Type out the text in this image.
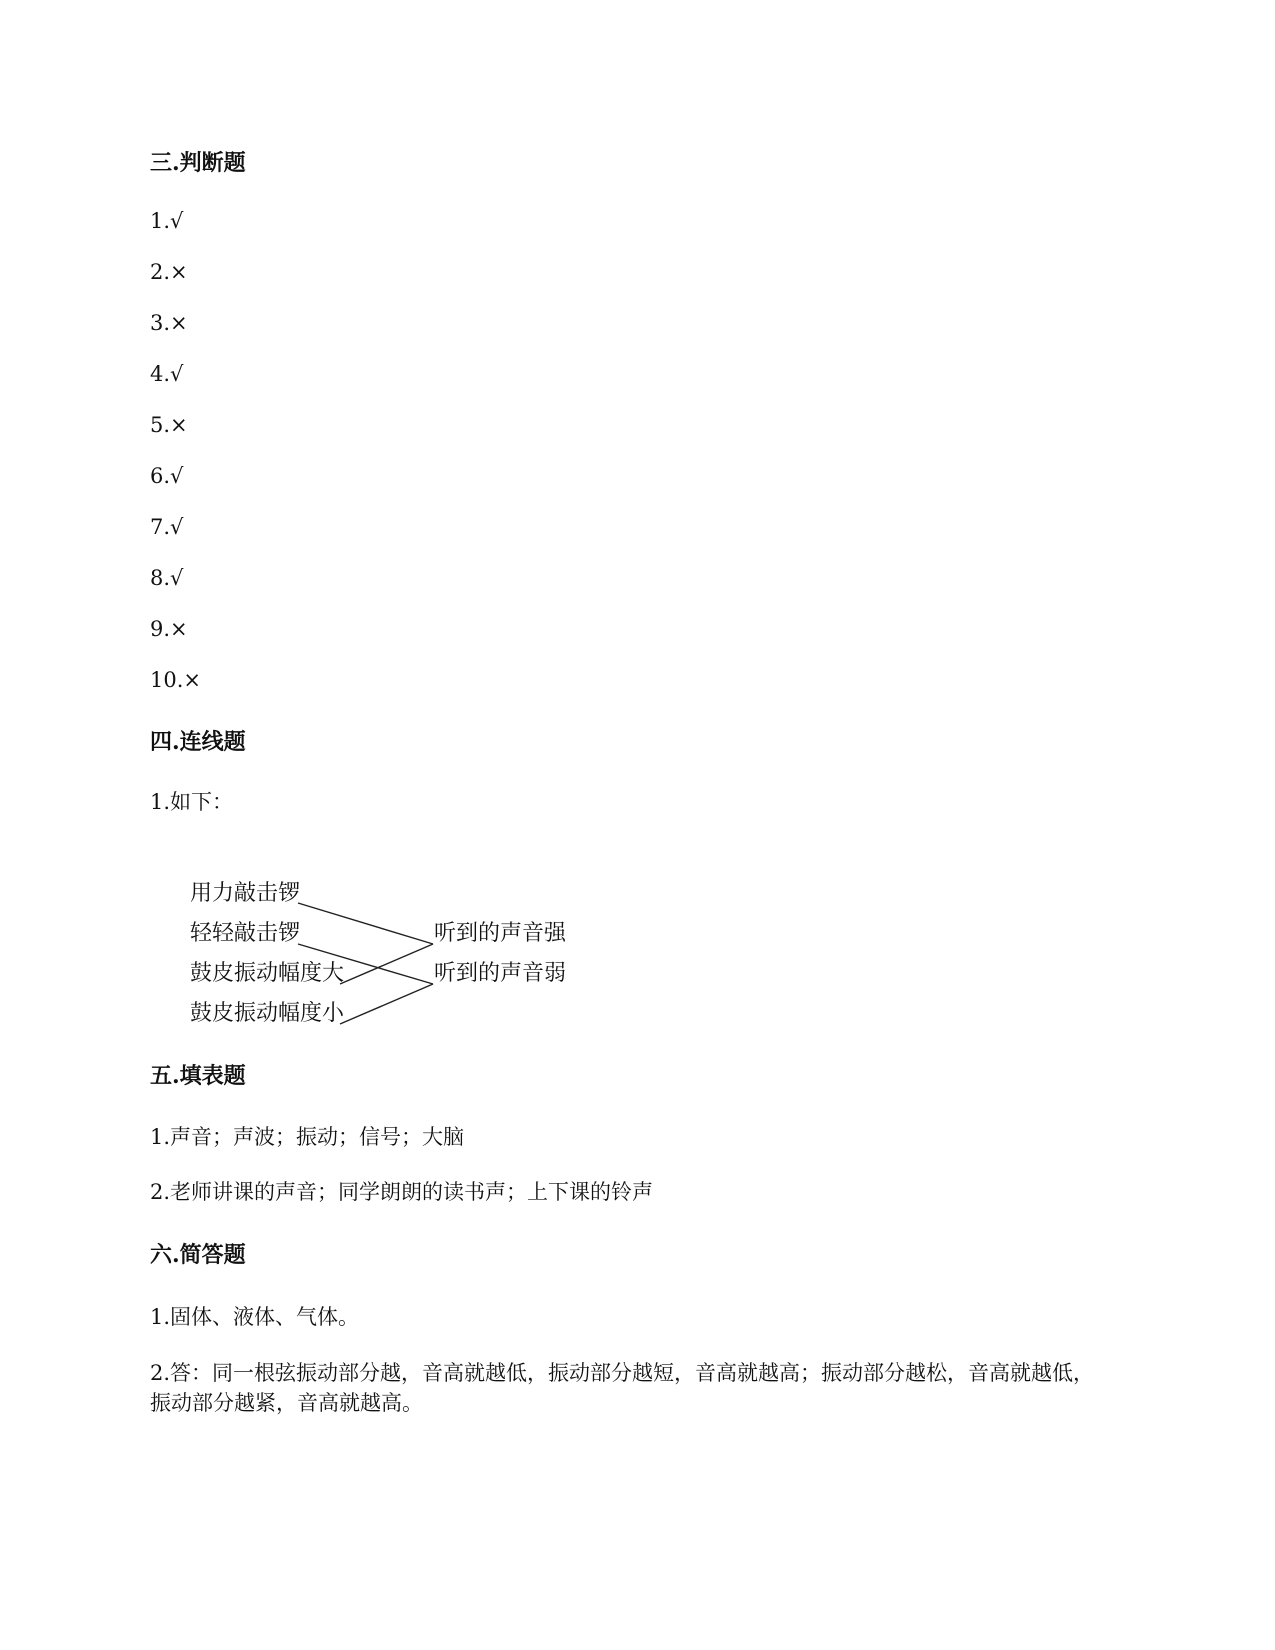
三.判断题
1.√
2.×
3.×
4.√
5.×
6.√
7.√
8.√
9.×
10.×
四.连线题
1.如下：
用力敲击锣
轻轻敲击锣
鼓皮振动幅度大
鼓皮振动幅度小
听到的声音强
听到的声音弱
五.填表题
1.声音；声波；振动；信号；大脑
2.老师讲课的声音；同学朗朗的读书声；上下课的铃声
六.简答题
1.固体、液体、气体。
2.答：同一根弦振动部分越，音高就越低，振动部分越短，音高就越高；振动部分越松，音高就越低，振动部分越紧，音高就越高。
